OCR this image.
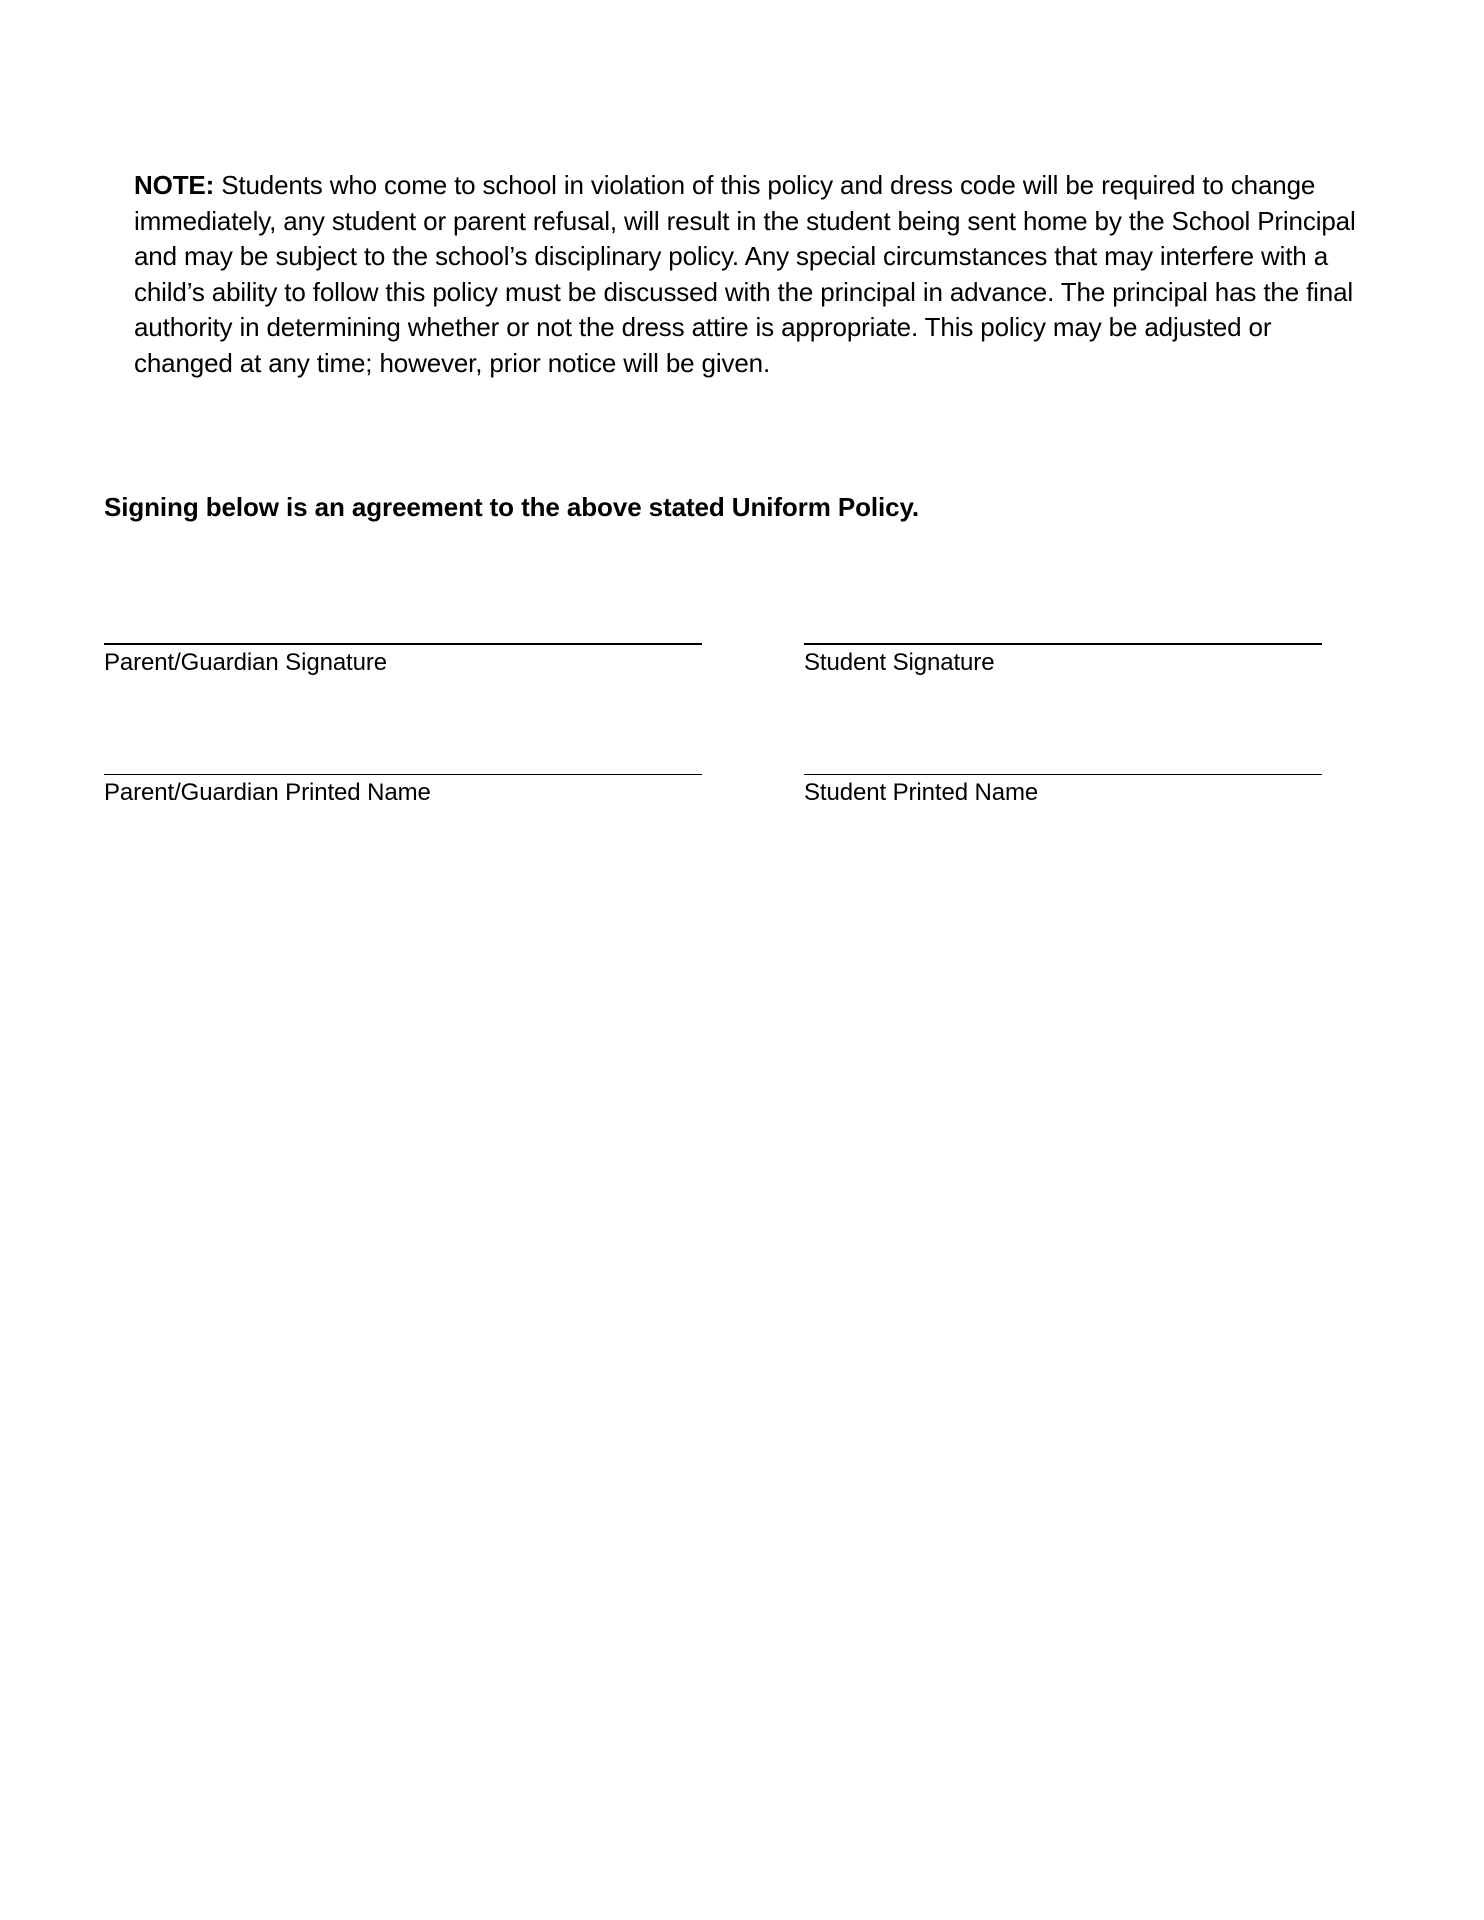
NOTE: Students who come to school in violation of this policy and dress code will be required to change immediately, any student or parent refusal, will result in the student being sent home by the School Principal and may be subject to the school’s disciplinary policy. Any special circumstances that may interfere with a child’s ability to follow this policy must be discussed with the principal in advance. The principal has the final authority in determining whether or not the dress attire is appropriate. This policy may be adjusted or changed at any time; however, prior notice will be given.

Signing below is an agreement to the above stated Uniform Policy.
Parent/Guardian Signature	Student Signature
Parent/Guardian Printed Name	Student Printed Name
